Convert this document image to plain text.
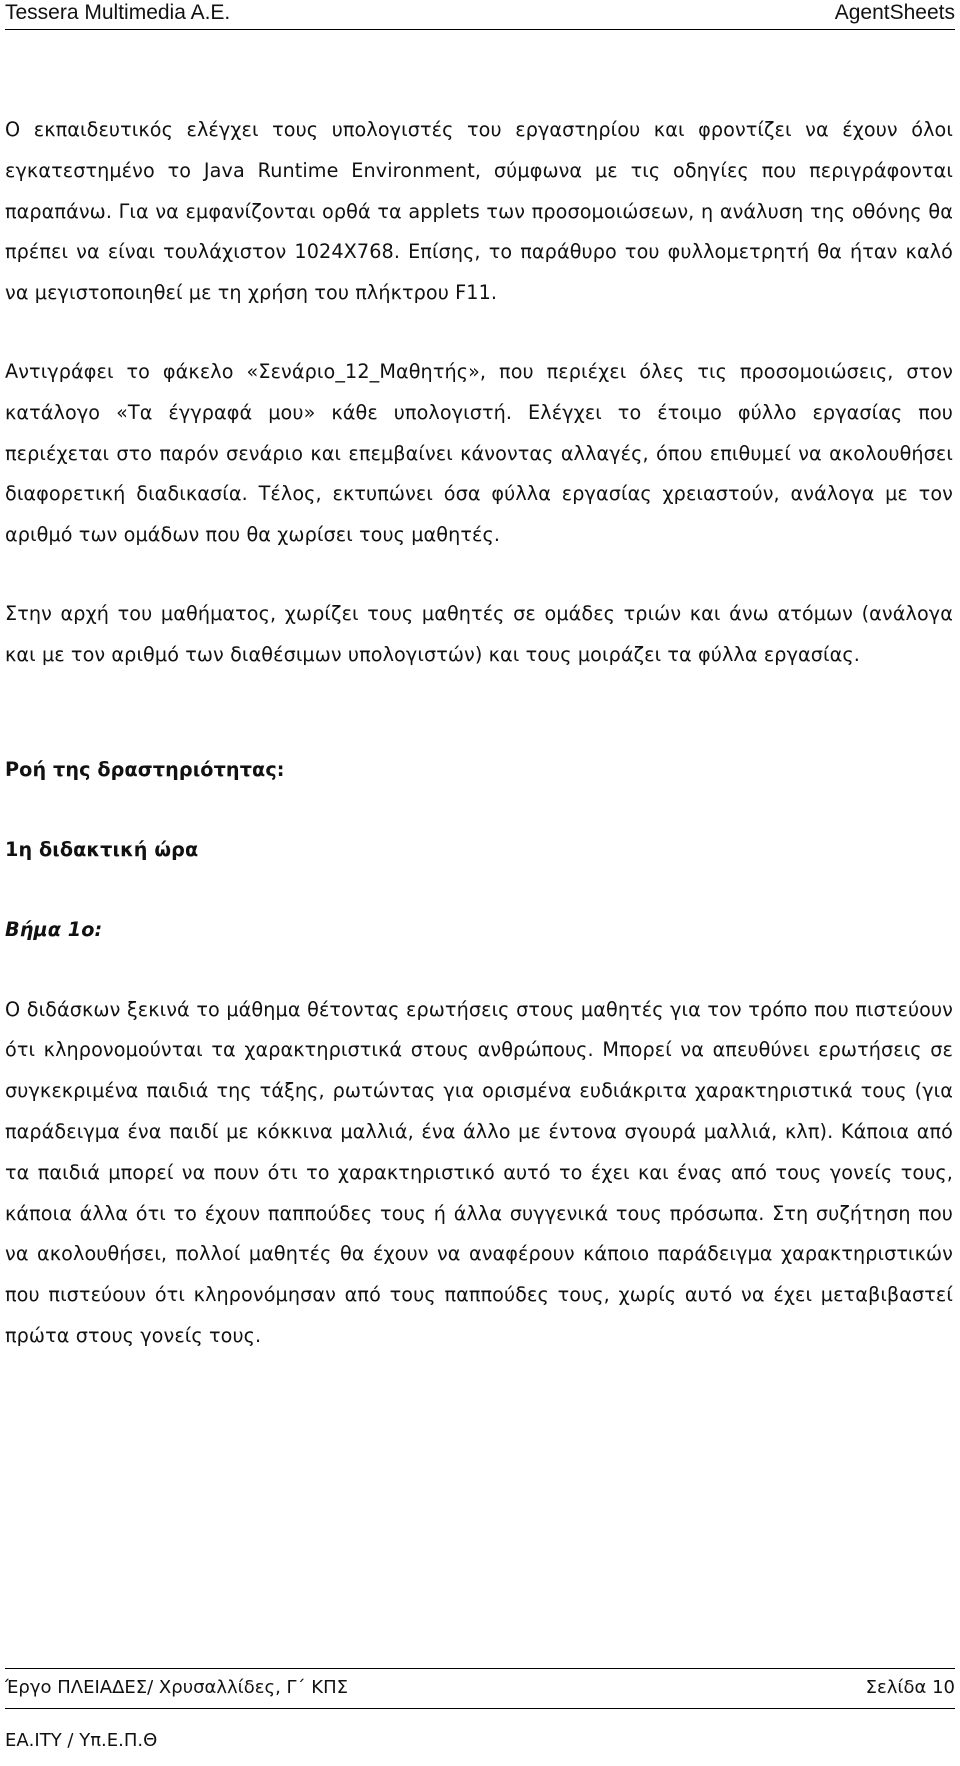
Tessera Multimedia A.E.	AgentSheets

Ο εκπαιδευτικός ελέγχει τους υπολογιστές του εργαστηρίου και φροντίζει να έχουν όλοι εγκατεστημένο το Java Runtime Environment, σύμφωνα με τις οδηγίες που περιγράφονται παραπάνω. Για να εμφανίζονται ορθά τα applets των προσομοιώσεων, η ανάλυση της οθόνης θα πρέπει να είναι τουλάχιστον 1024X768. Επίσης, το παράθυρο του φυλλομετρητή θα ήταν καλό να μεγιστοποιηθεί με τη χρήση του πλήκτρου F11.

Αντιγράφει το φάκελο «Σενάριο_12_Μαθητής», που περιέχει όλες τις προσομοιώσεις, στον κατάλογο «Τα έγγραφά μου» κάθε υπολογιστή. Ελέγχει το έτοιμο φύλλο εργασίας που περιέχεται στο παρόν σενάριο και επεμβαίνει κάνοντας αλλαγές, όπου επιθυμεί να ακολουθήσει διαφορετική διαδικασία. Τέλος, εκτυπώνει όσα φύλλα εργασίας χρειαστούν, ανάλογα με τον αριθμό των ομάδων που θα χωρίσει τους μαθητές.

Στην αρχή του μαθήματος, χωρίζει τους μαθητές σε ομάδες τριών και άνω ατόμων (ανάλογα και με τον αριθμό των διαθέσιμων υπολογιστών) και τους μοιράζει τα φύλλα εργασίας.

Ροή της δραστηριότητας:

1η διδακτική ώρα

Βήμα 1ο:

Ο διδάσκων ξεκινά το μάθημα θέτοντας ερωτήσεις στους μαθητές για τον τρόπο που πιστεύουν ότι κληρονομούνται τα χαρακτηριστικά στους ανθρώπους. Μπορεί να απευθύνει ερωτήσεις σε συγκεκριμένα παιδιά της τάξης, ρωτώντας για ορισμένα ευδιάκριτα χαρακτηριστικά τους (για παράδειγμα ένα παιδί με κόκκινα μαλλιά, ένα άλλο με έντονα σγουρά μαλλιά, κλπ). Κάποια από τα παιδιά μπορεί να πουν ότι το χαρακτηριστικό αυτό το έχει και ένας από τους γονείς τους, κάποια άλλα ότι το έχουν παππούδες τους ή άλλα συγγενικά τους πρόσωπα. Στη συζήτηση που να ακολουθήσει, πολλοί μαθητές θα έχουν να αναφέρουν κάποιο παράδειγμα χαρακτηριστικών που πιστεύουν ότι κληρονόμησαν από τους παππούδες τους, χωρίς αυτό να έχει μεταβιβαστεί πρώτα στους γονείς τους.

Έργο ΠΛΕΙΑΔΕΣ/ Χρυσαλλίδες, Γ΄ ΚΠΣ	Σελίδα 10
ΕΑ.ΙΤΥ / Υπ.Ε.Π.Θ
